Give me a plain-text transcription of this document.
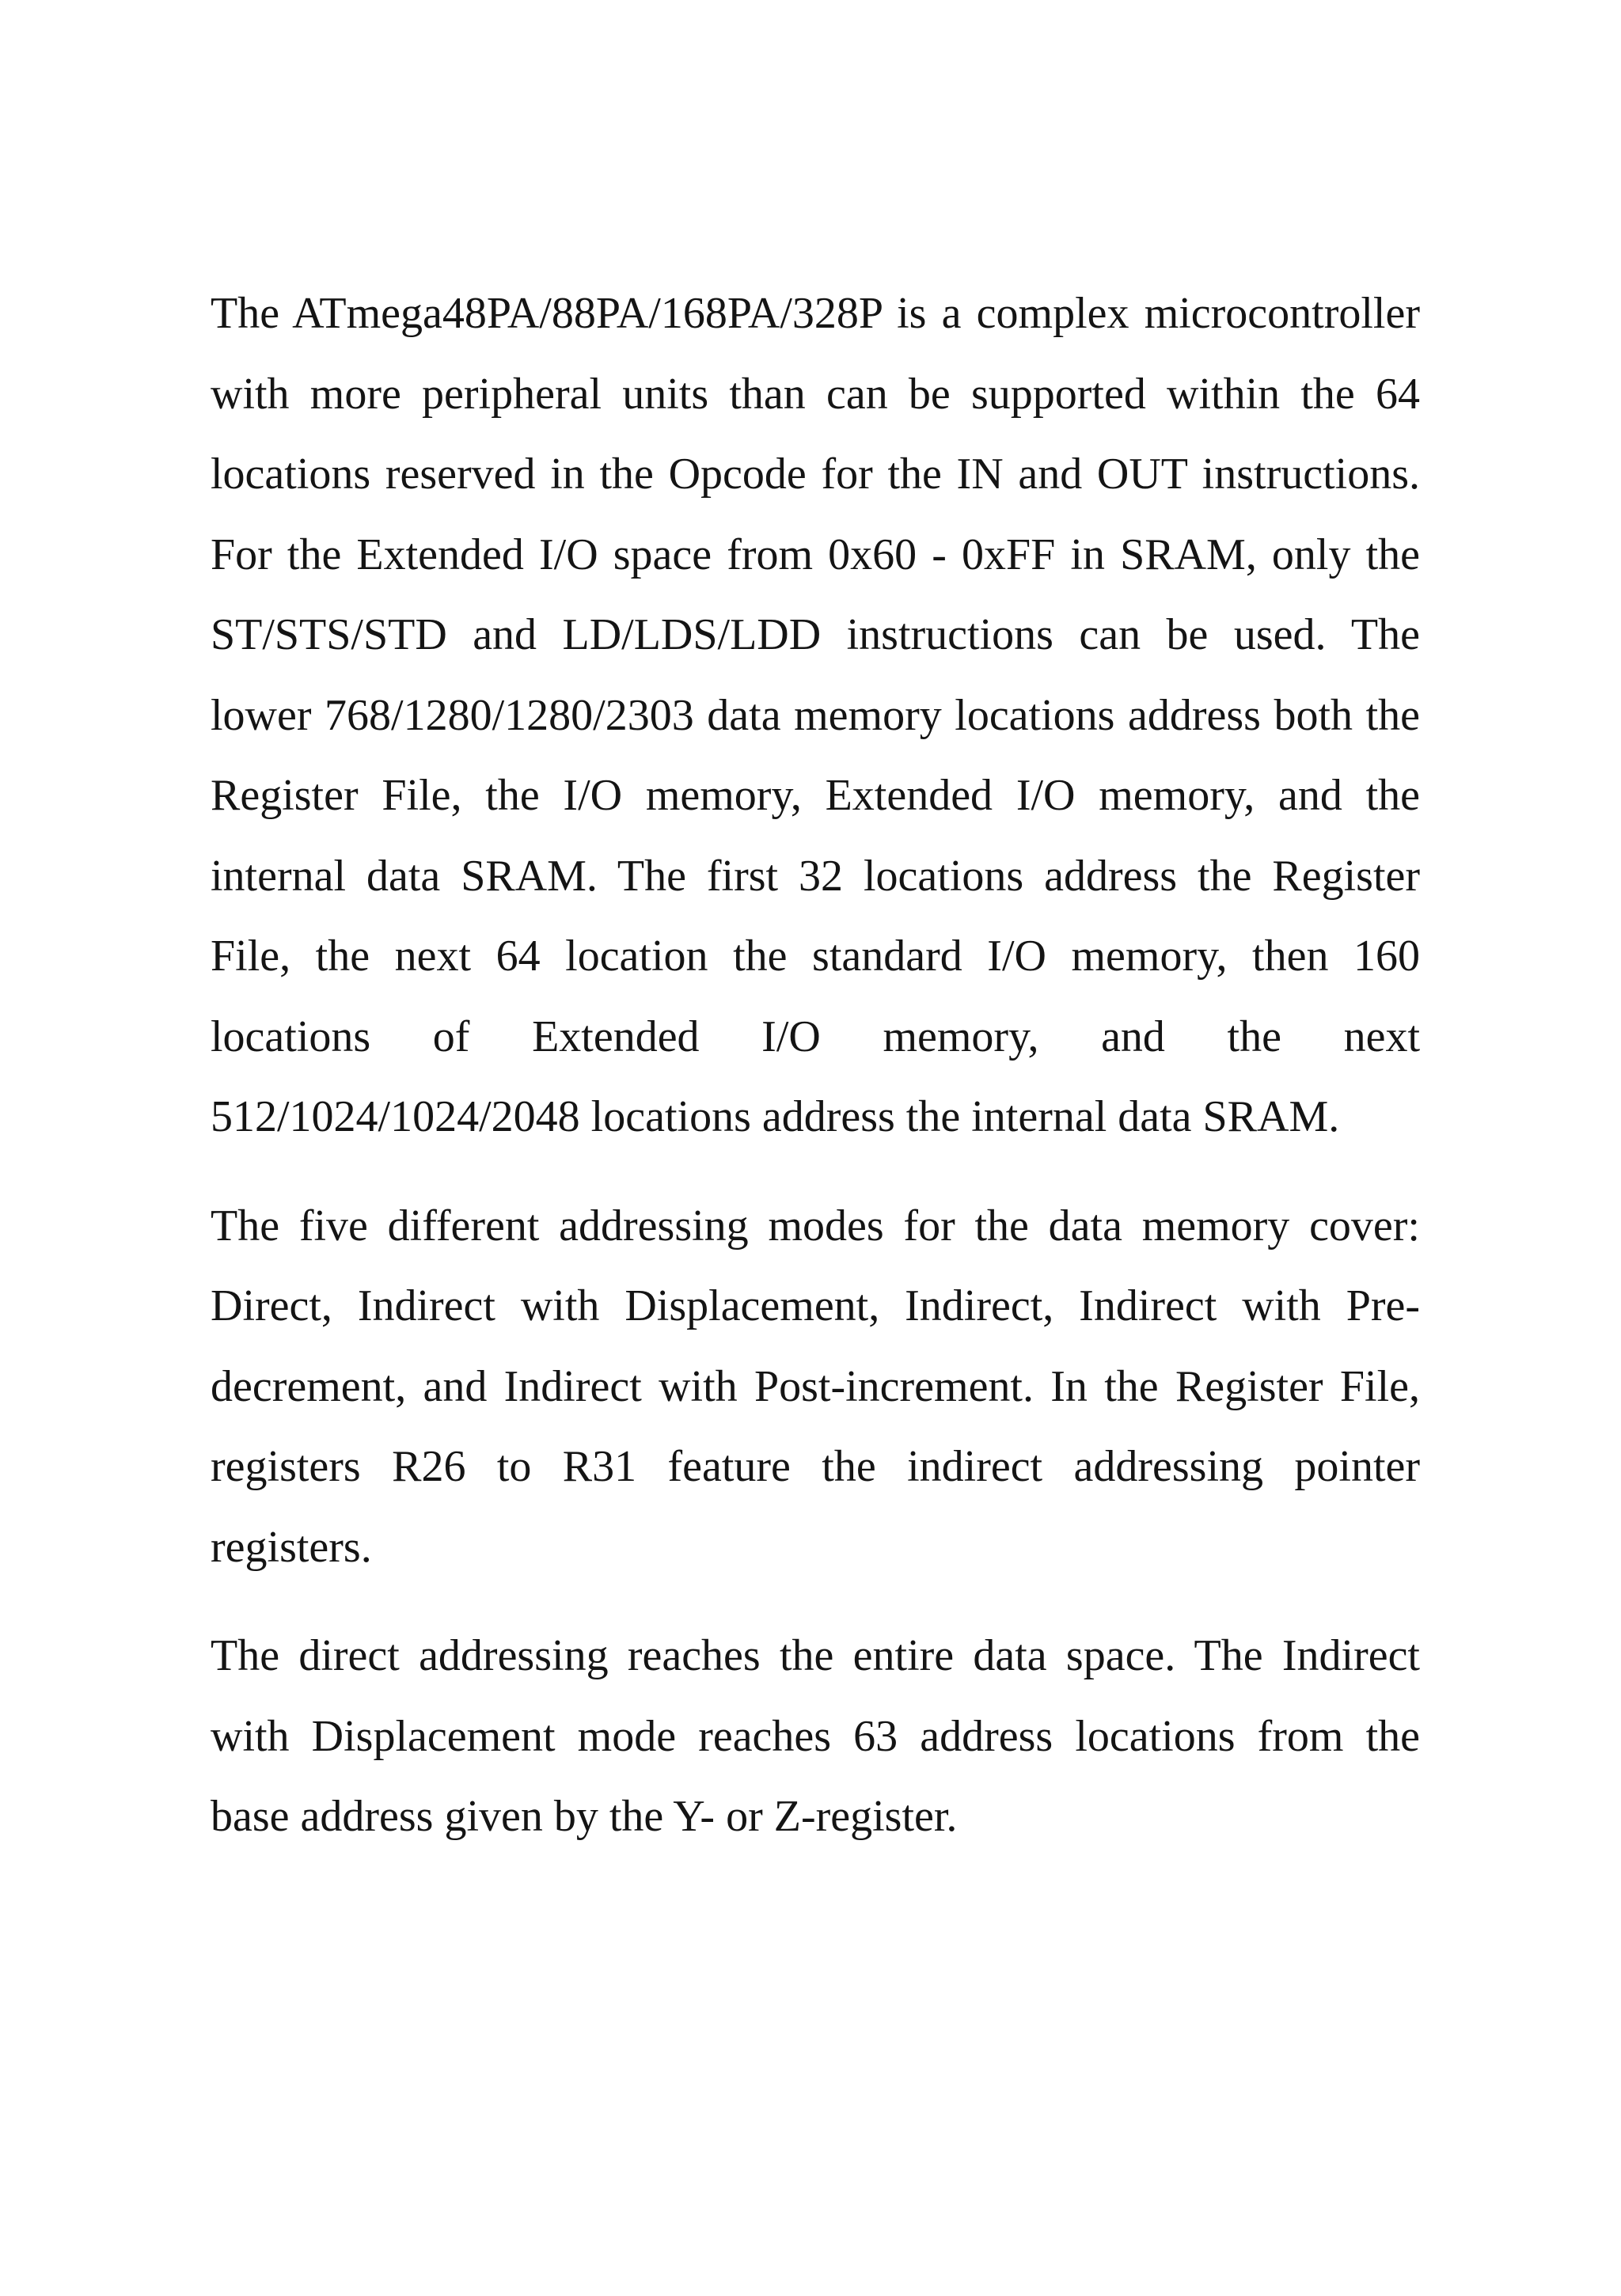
The ATmega48PA/88PA/168PA/328P is a complex microcontroller with more peripheral units than can be supported within the 64 locations reserved in the Opcode for the IN and OUT instructions. For the Extended I/O space from 0x60 - 0xFF in SRAM, only the ST/STS/STD and LD/LDS/LDD instructions can be used. The lower 768/1280/1280/2303 data memory locations address both the Register File, the I/O memory, Extended I/O memory, and the internal data SRAM. The first 32 locations address the Register File, the next 64 location the standard I/O memory, then 160 locations of Extended I/O memory, and the next 512/1024/1024/2048 locations address the internal data SRAM.

The five different addressing modes for the data memory cover: Direct, Indirect with Displacement, Indirect, Indirect with Pre-decrement, and Indirect with Post-increment. In the Register File, registers R26 to R31 feature the indirect addressing pointer registers.

The direct addressing reaches the entire data space. The Indirect with Displacement mode reaches 63 address locations from the base address given by the Y- or Z-register.
